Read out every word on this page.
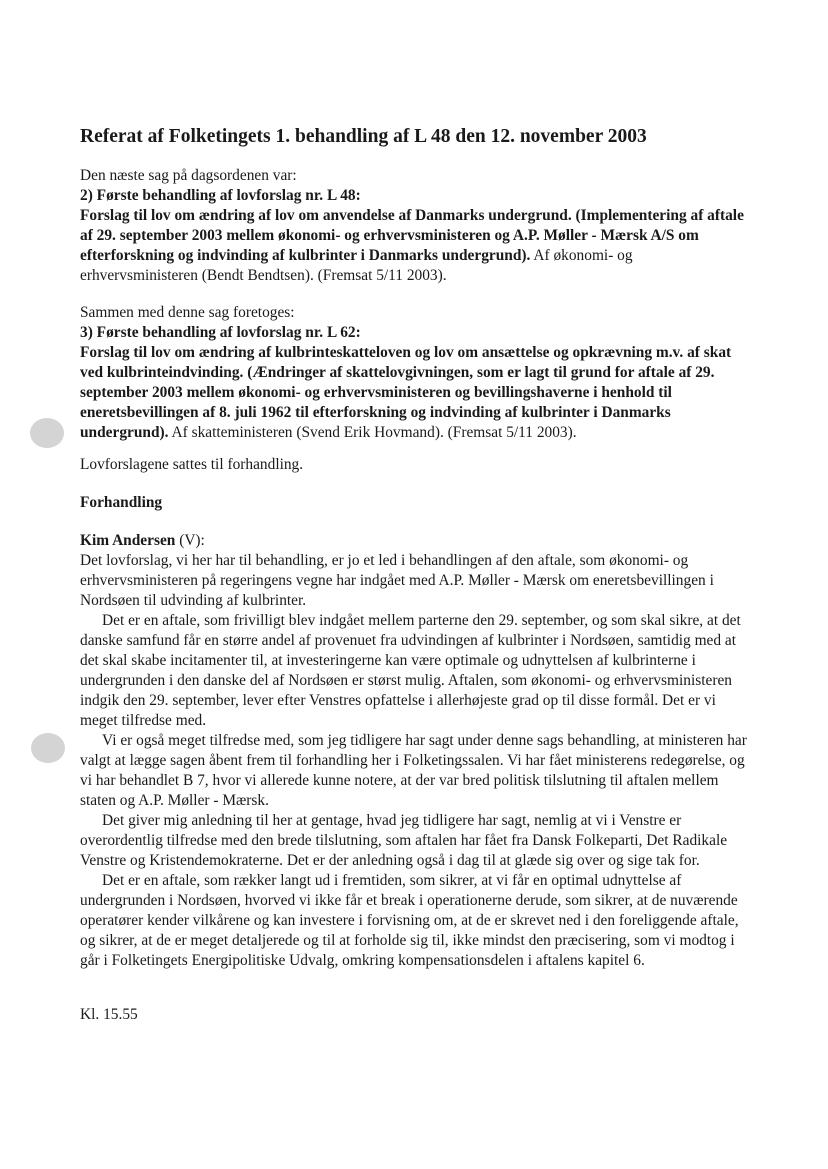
Referat af Folketingets 1. behandling af L 48 den 12. november 2003

Den næste sag på dagsordenen var:

2) Første behandling af lovforslag nr. L 48:

Forslag til lov om ændring af lov om anvendelse af Danmarks undergrund. (Implementering af aftale af 29. september 2003 mellem økonomi- og erhvervsministeren og A.P. Møller - Mærsk A/S om efterforskning og indvinding af kulbrinter i Danmarks undergrund). Af økonomi- og erhvervsministeren (Bendt Bendtsen). (Fremsat 5/11 2003).

Sammen med denne sag foretoges:

3) Første behandling af lovforslag nr. L 62:

Forslag til lov om ændring af kulbrinteskatteloven og lov om ansættelse og opkrævning m.v. af skat ved kulbrinteindvinding. (Ændringer af skattelovgivningen, som er lagt til grund for aftale af 29. september 2003 mellem økonomi- og erhvervsministeren og bevillingshaverne i henhold til eneretsbevillingen af 8. juli 1962 til efterforskning og indvinding af kulbrinter i Danmarks undergrund). Af skatteministeren (Svend Erik Hovmand). (Fremsat 5/11 2003).

Lovforslagene sattes til forhandling.
Forhandling

Kim Andersen (V):

Det lovforslag, vi her har til behandling, er jo et led i behandlingen af den aftale, som økonomi- og erhvervsministeren på regeringens vegne har indgået med A.P. Møller - Mærsk om eneretsbevillingen i Nordsøen til udvinding af kulbrinter.

Det er en aftale, som frivilligt blev indgået mellem parterne den 29. september, og som skal sikre, at det danske samfund får en større andel af provenuet fra udvindingen af kulbrinter i Nordsøen, samtidig med at det skal skabe incitamenter til, at investeringerne kan være optimale og udnyttelsen af kulbrinterne i undergrunden i den danske del af Nordsøen er størst mulig. Aftalen, som økonomi- og erhvervsministeren indgik den 29. september, lever efter Venstres opfattelse i allerhøjeste grad op til disse formål. Det er vi meget tilfredse med.

Vi er også meget tilfredse med, som jeg tidligere har sagt under denne sags behandling, at ministeren har valgt at lægge sagen åbent frem til forhandling her i Folketingssalen. Vi har fået ministerens redegørelse, og vi har behandlet B 7, hvor vi allerede kunne notere, at der var bred politisk tilslutning til aftalen mellem staten og A.P. Møller - Mærsk.

Det giver mig anledning til her at gentage, hvad jeg tidligere har sagt, nemlig at vi i Venstre er overordentlig tilfredse med den brede tilslutning, som aftalen har fået fra Dansk Folkeparti, Det Radikale Venstre og Kristendemokraterne. Det er der anledning også i dag til at glæde sig over og sige tak for.

Det er en aftale, som rækker langt ud i fremtiden, som sikrer, at vi får en optimal udnyttelse af undergrunden i Nordsøen, hvorved vi ikke får et break i operationerne derude, som sikrer, at de nuværende operatører kender vilkårene og kan investere i forvisning om, at de er skrevet ned i den foreliggende aftale, og sikrer, at de er meget detaljerede og til at forholde sig til, ikke mindst den præcisering, som vi modtog i går i Folketingets Energipolitiske Udvalg, omkring kompensationsdelen i aftalens kapitel 6.

Kl. 15.55
